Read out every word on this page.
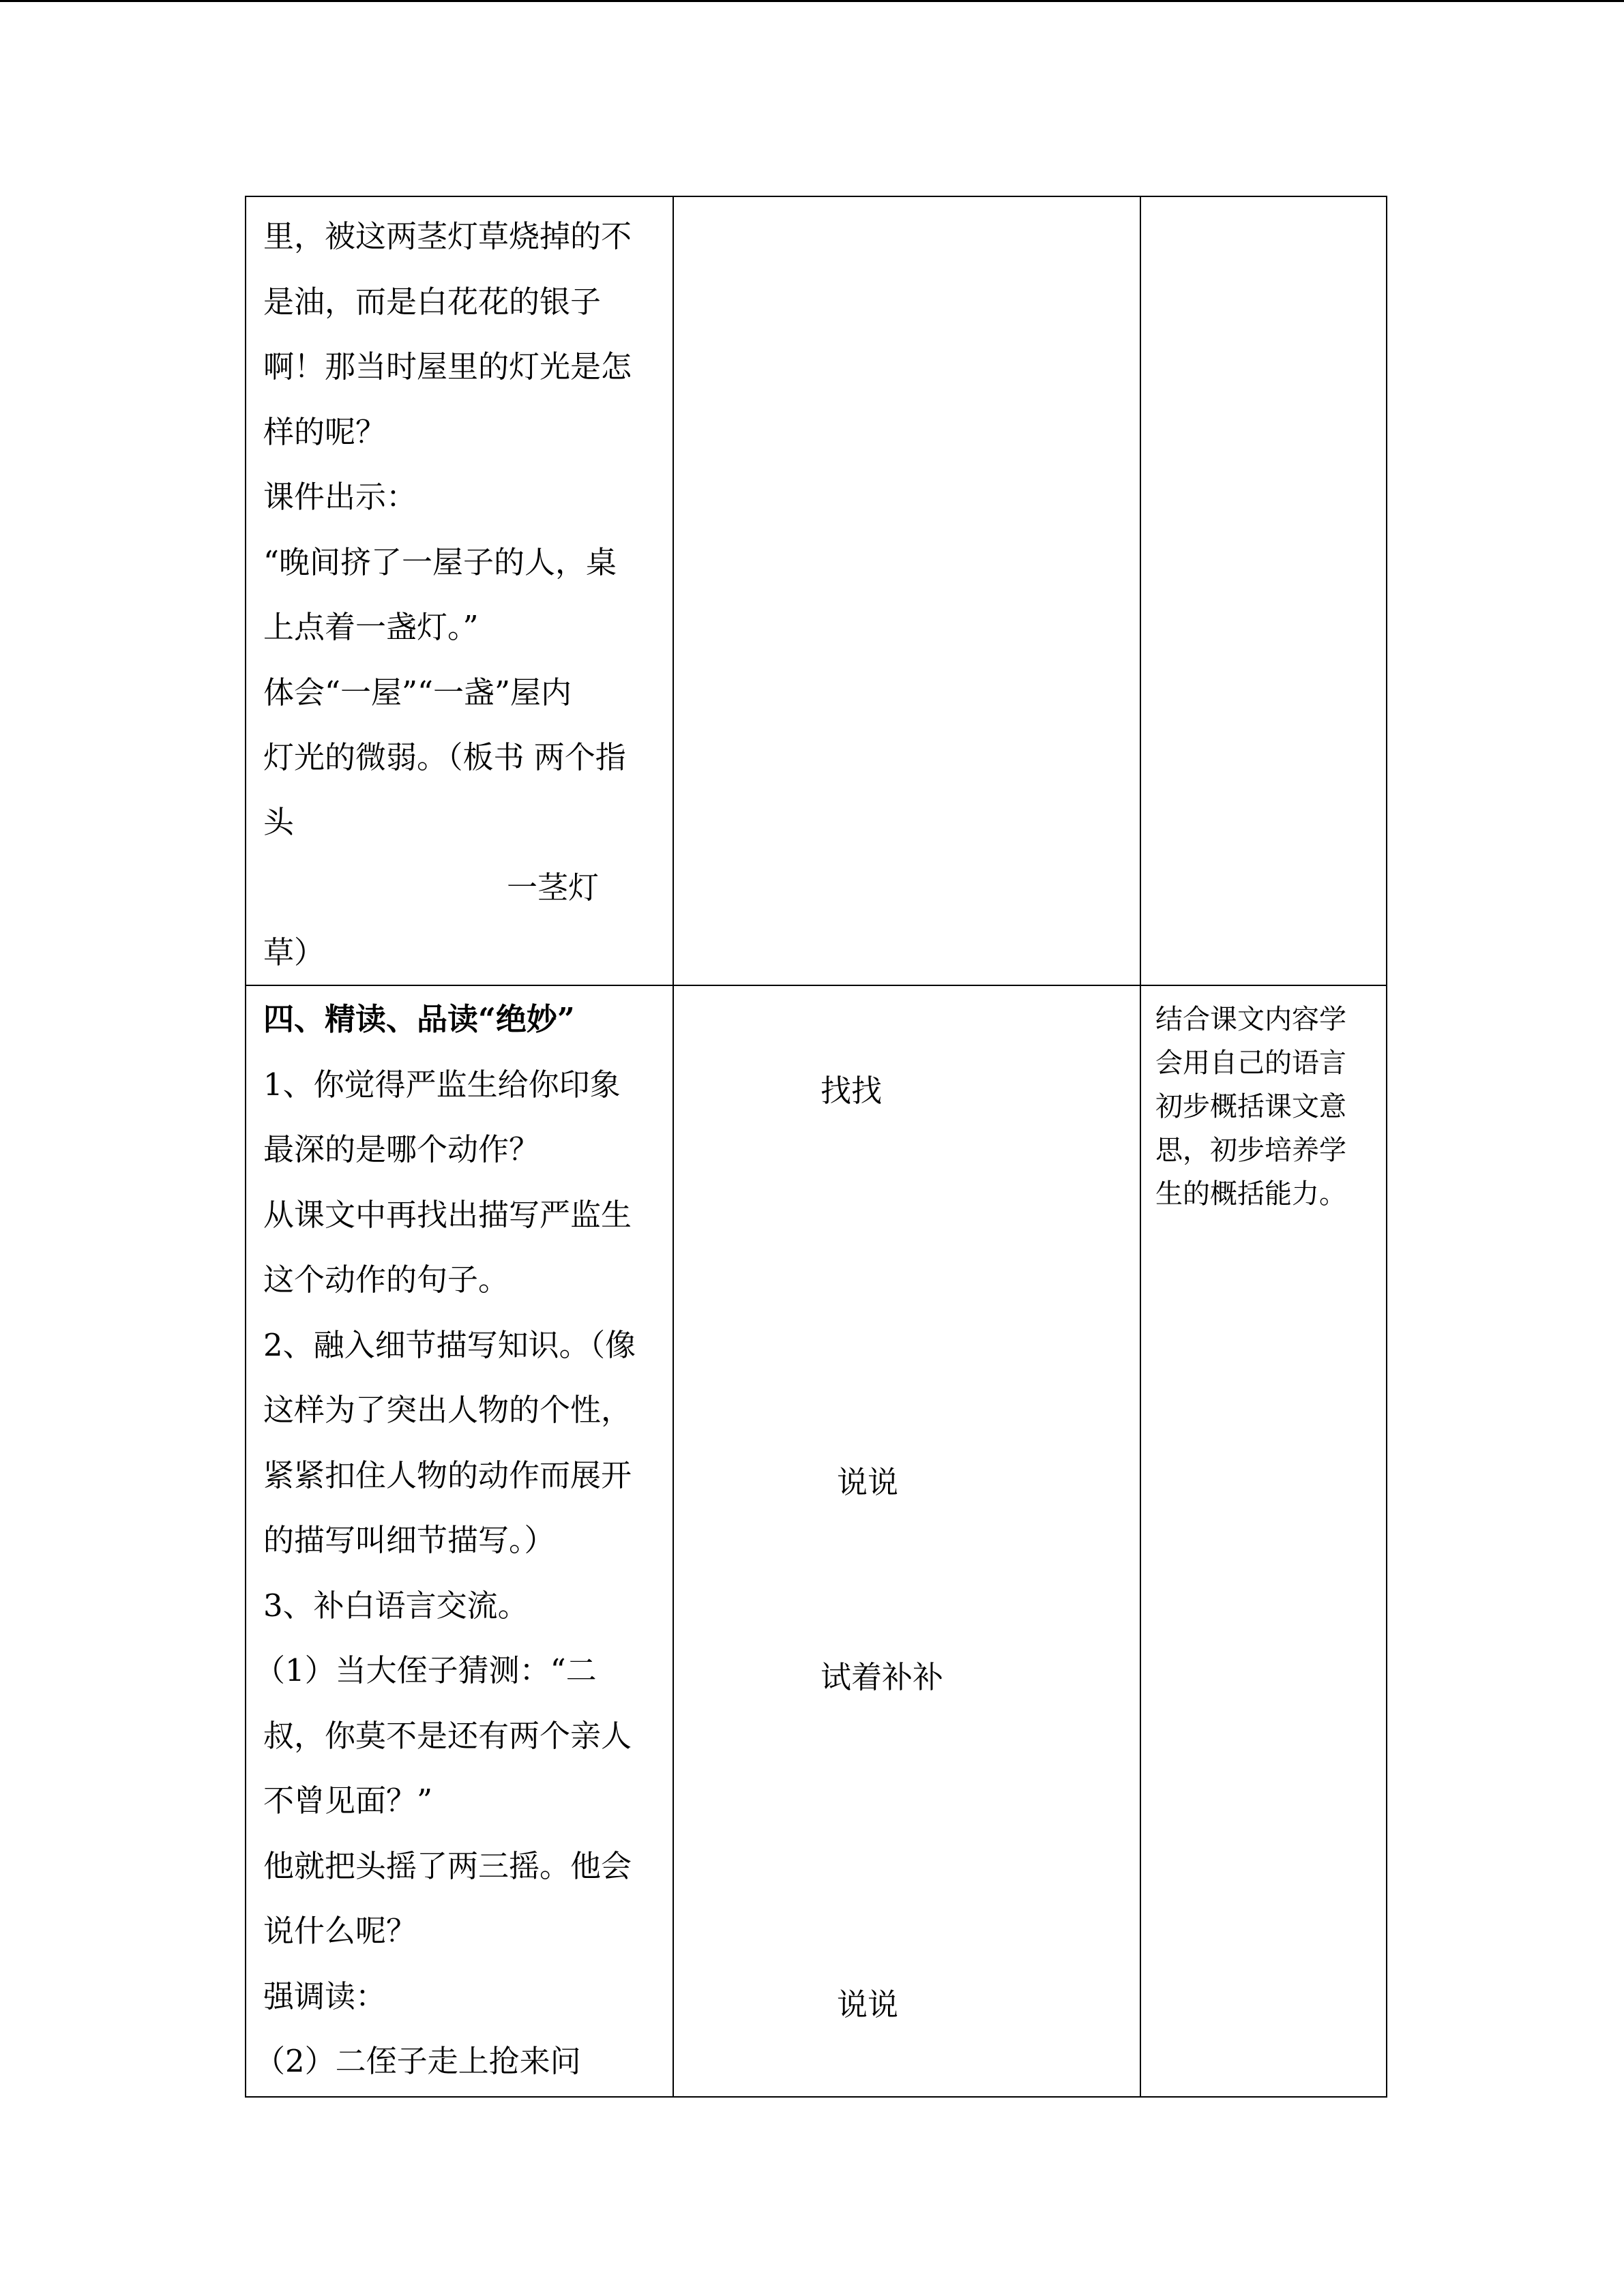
里，被这两茎灯草烧掉的不
是油，而是白花花的银子
啊！那当时屋里的灯光是怎
样的呢？
课件出示：
“晚间挤了一屋子的人，桌
上点着一盏灯。”
体会“一屋”“一盏”屋内
灯光的微弱。（板书 两个指
头
一茎灯
草）
四、精读、品读“绝妙”
1、你觉得严监生给你印象
最深的是哪个动作？
从课文中再找出描写严监生
这个动作的句子。
2、融入细节描写知识。（像
这样为了突出人物的个性，
紧紧扣住人物的动作而展开
的描写叫细节描写。）
3、补白语言交流。
（1）当大侄子猜测：“二
叔，你莫不是还有两个亲人
不曾见面？”
他就把头摇了两三摇。他会
说什么呢？
强调读：
（2）二侄子走上抢来问
找找
说说
试着补补
说说
结合课文内容学
会用自己的语言
初步概括课文意
思，初步培养学
生的概括能力。
